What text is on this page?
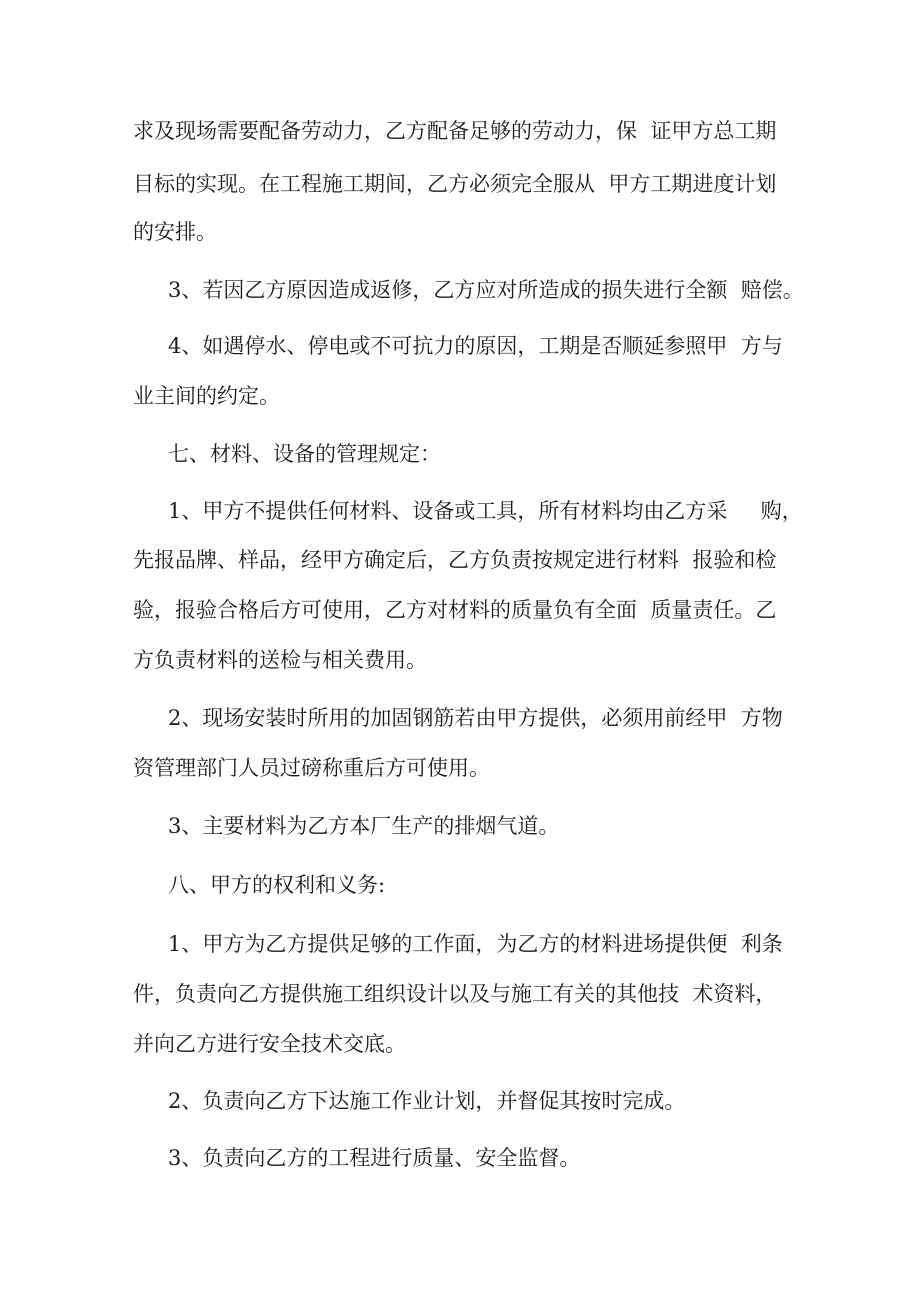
求及现场需要配备劳动力，乙方配备足够的劳动力，保  证甲方总工期

目标的实现。在工程施工期间，乙方必须完全服从  甲方工期进度计划

的安排。

3、若因乙方原因造成返修，乙方应对所造成的损失进行全额  赔偿。

4、如遇停水、停电或不可抗力的原因，工期是否顺延参照甲  方与

业主间的约定。

七、材料、设备的管理规定：

1、甲方不提供任何材料、设备或工具，所有材料均由乙方采     购，

先报品牌、样品，经甲方确定后，乙方负责按规定进行材料  报验和检

验，报验合格后方可使用，乙方对材料的质量负有全面  质量责任。乙

方负责材料的送检与相关费用。

2、现场安装时所用的加固钢筋若由甲方提供，必须用前经甲  方物

资管理部门人员过磅称重后方可使用。

3、主要材料为乙方本厂生产的排烟气道。

八、甲方的权利和义务:

1、甲方为乙方提供足够的工作面，为乙方的材料进场提供便  利条

件，负责向乙方提供施工组织设计以及与施工有关的其他技  术资料，

并向乙方进行安全技术交底。

2、负责向乙方下达施工作业计划，并督促其按时完成。

3、负责向乙方的工程进行质量、安全监督。
